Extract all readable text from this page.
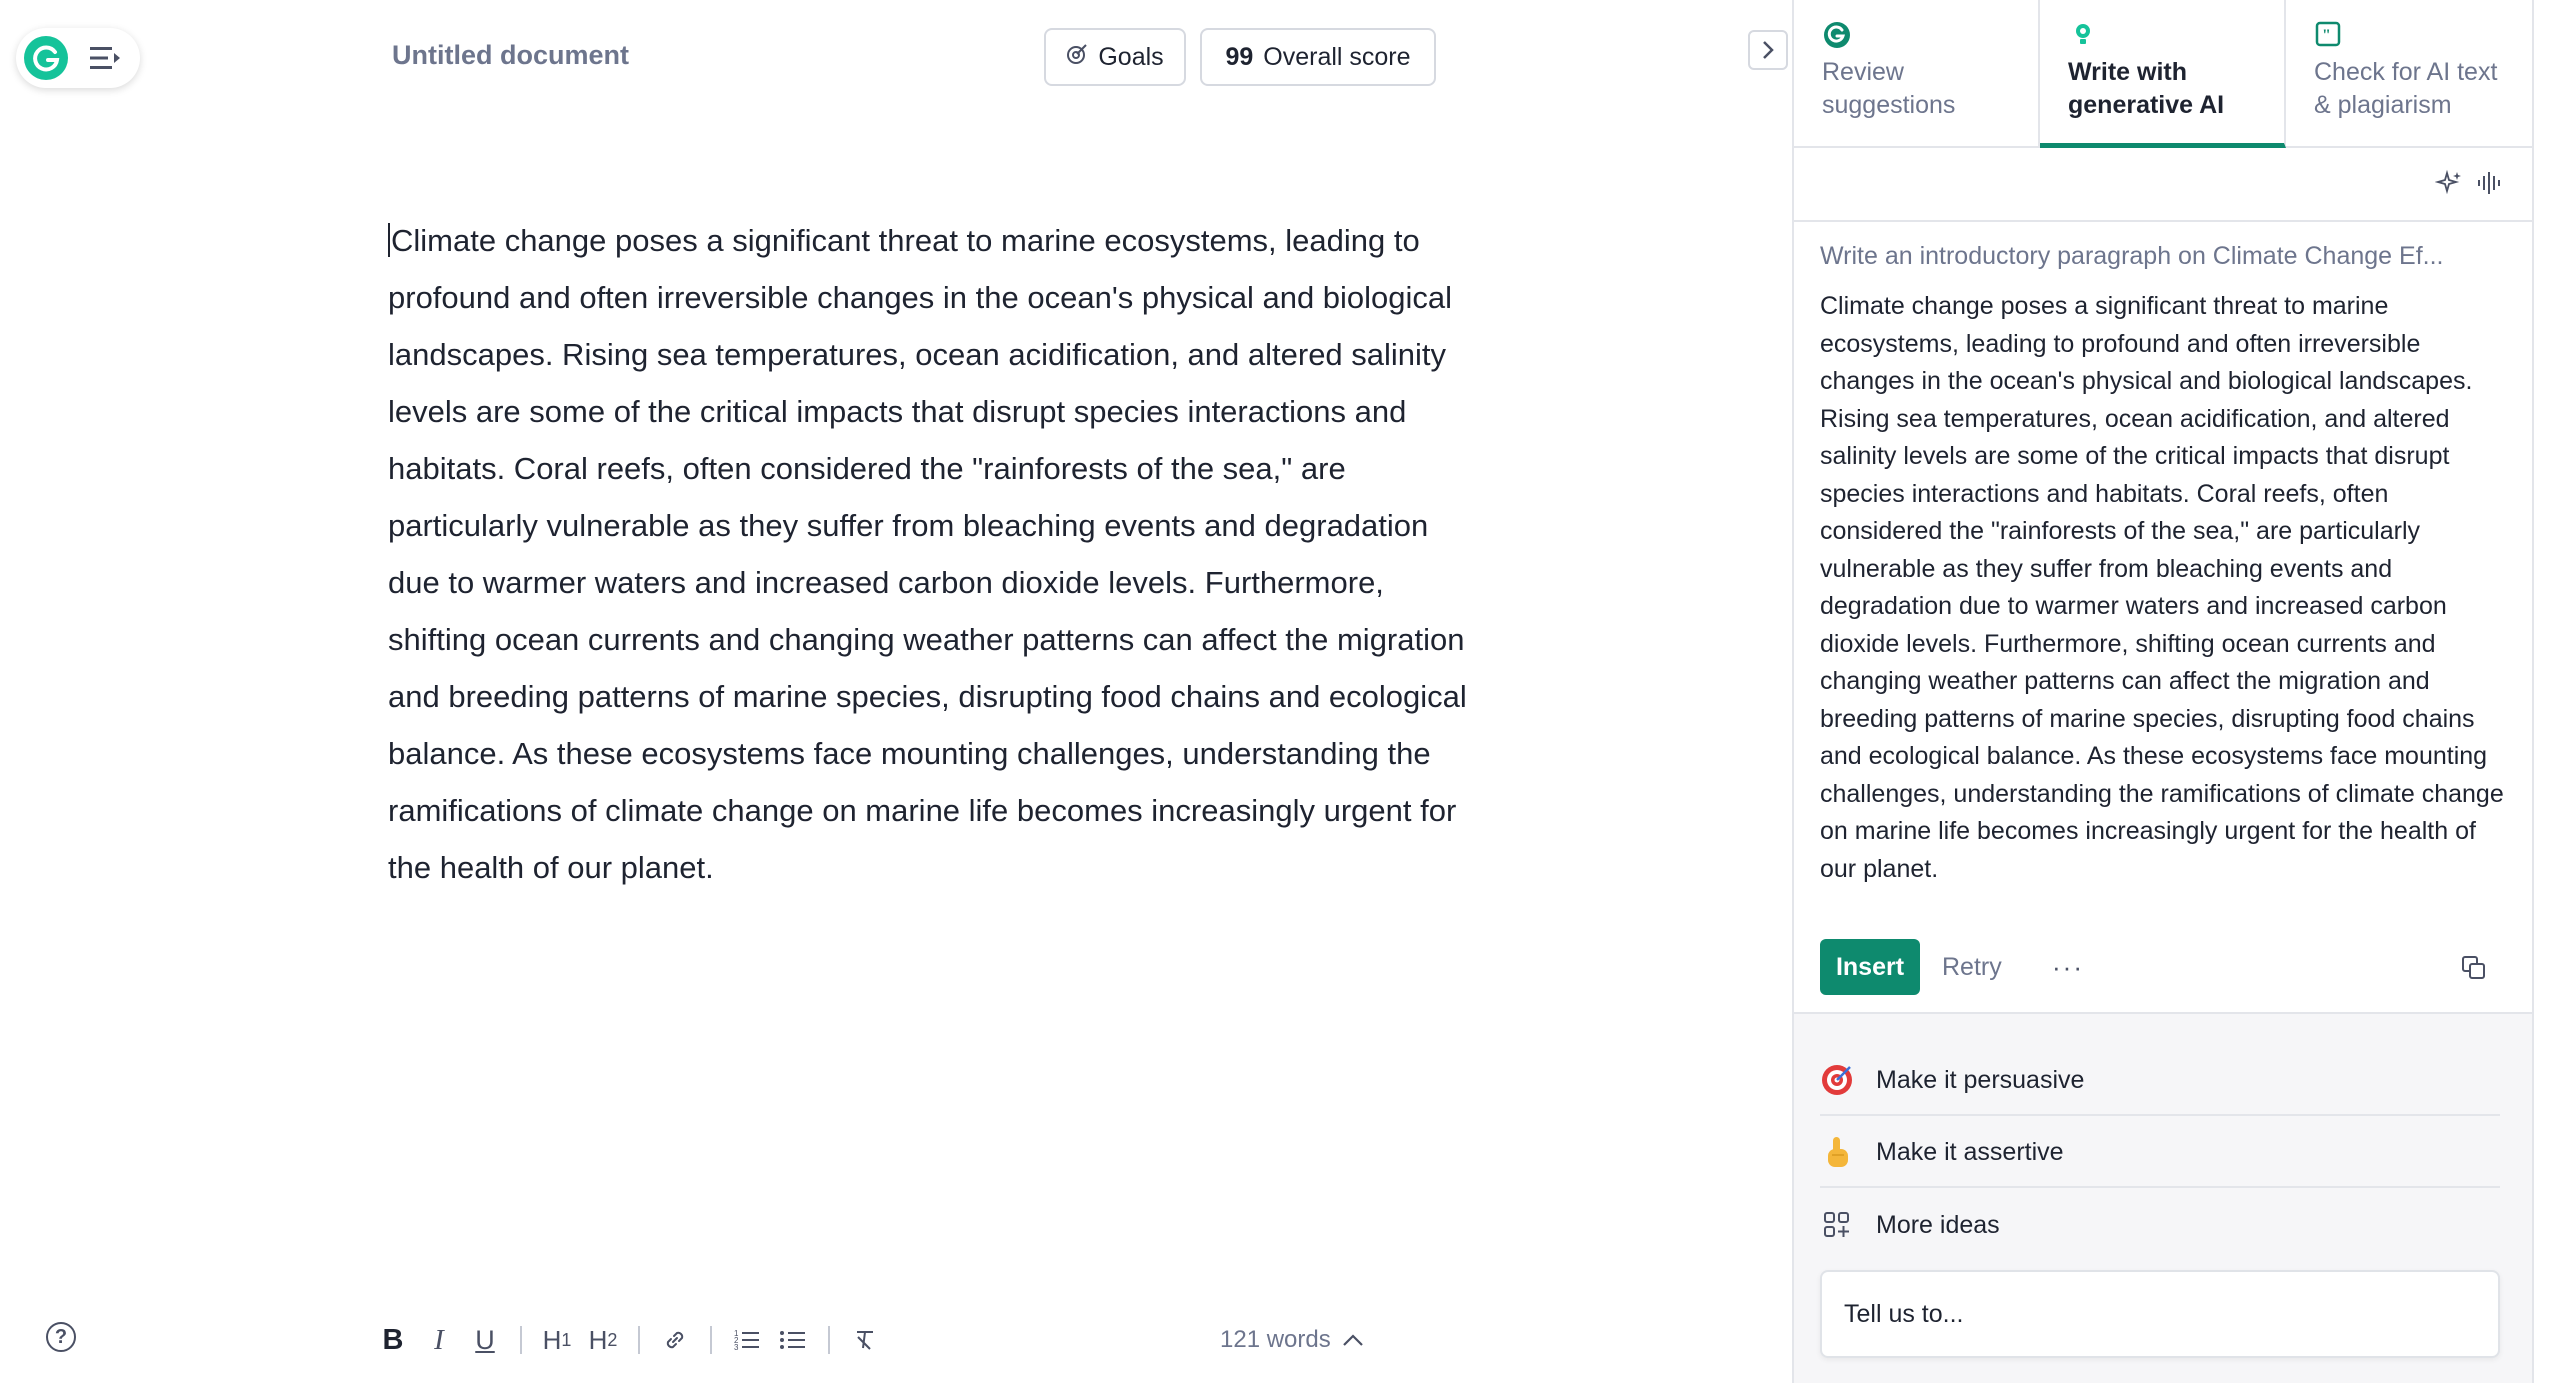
Untitled document	Goals 99 Overall score
Climate change poses a significant threat to marine ecosystems, leading to profound and often irreversible changes in the ocean's physical and biological landscapes. Rising sea temperatures, ocean acidification, and altered salinity levels are some of the critical impacts that disrupt species interactions and habitats. Coral reefs, often considered the "rainforests of the sea," are particularly vulnerable as they suffer from bleaching events and degradation due to warmer waters and increased carbon dioxide levels. Furthermore, shifting ocean currents and changing weather patterns can affect the migration and breeding patterns of marine species, disrupting food chains and ecological balance. As these ecosystems face mounting challenges, understanding the ramifications of climate change on marine life becomes increasingly urgent for the health of our planet.
?	B	I	U	H 1 H 2	1
2
3	121 words
Review suggestions
Write with generative AI
"
Check for AI text & plagiarism
Write an introductory paragraph on Climate Change Ef...
Climate change poses a significant threat to marine ecosystems, leading to profound and often irreversible changes in the ocean's physical and biological landscapes. Rising sea temperatures, ocean acidification, and altered salinity levels are some of the critical impacts that disrupt species interactions and habitats. Coral reefs, often considered the "rainforests of the sea," are particularly vulnerable as they suffer from bleaching events and degradation due to warmer waters and increased carbon dioxide levels. Furthermore, shifting ocean currents and changing weather patterns can affect the migration and breeding patterns of marine species, disrupting food chains and ecological balance. As these ecosystems face mounting challenges, understanding the ramifications of climate change on marine life becomes increasingly urgent for the health of our planet.
Insert	Retry ···
Make it persuasive
Make it assertive
More ideas
Tell us to...
